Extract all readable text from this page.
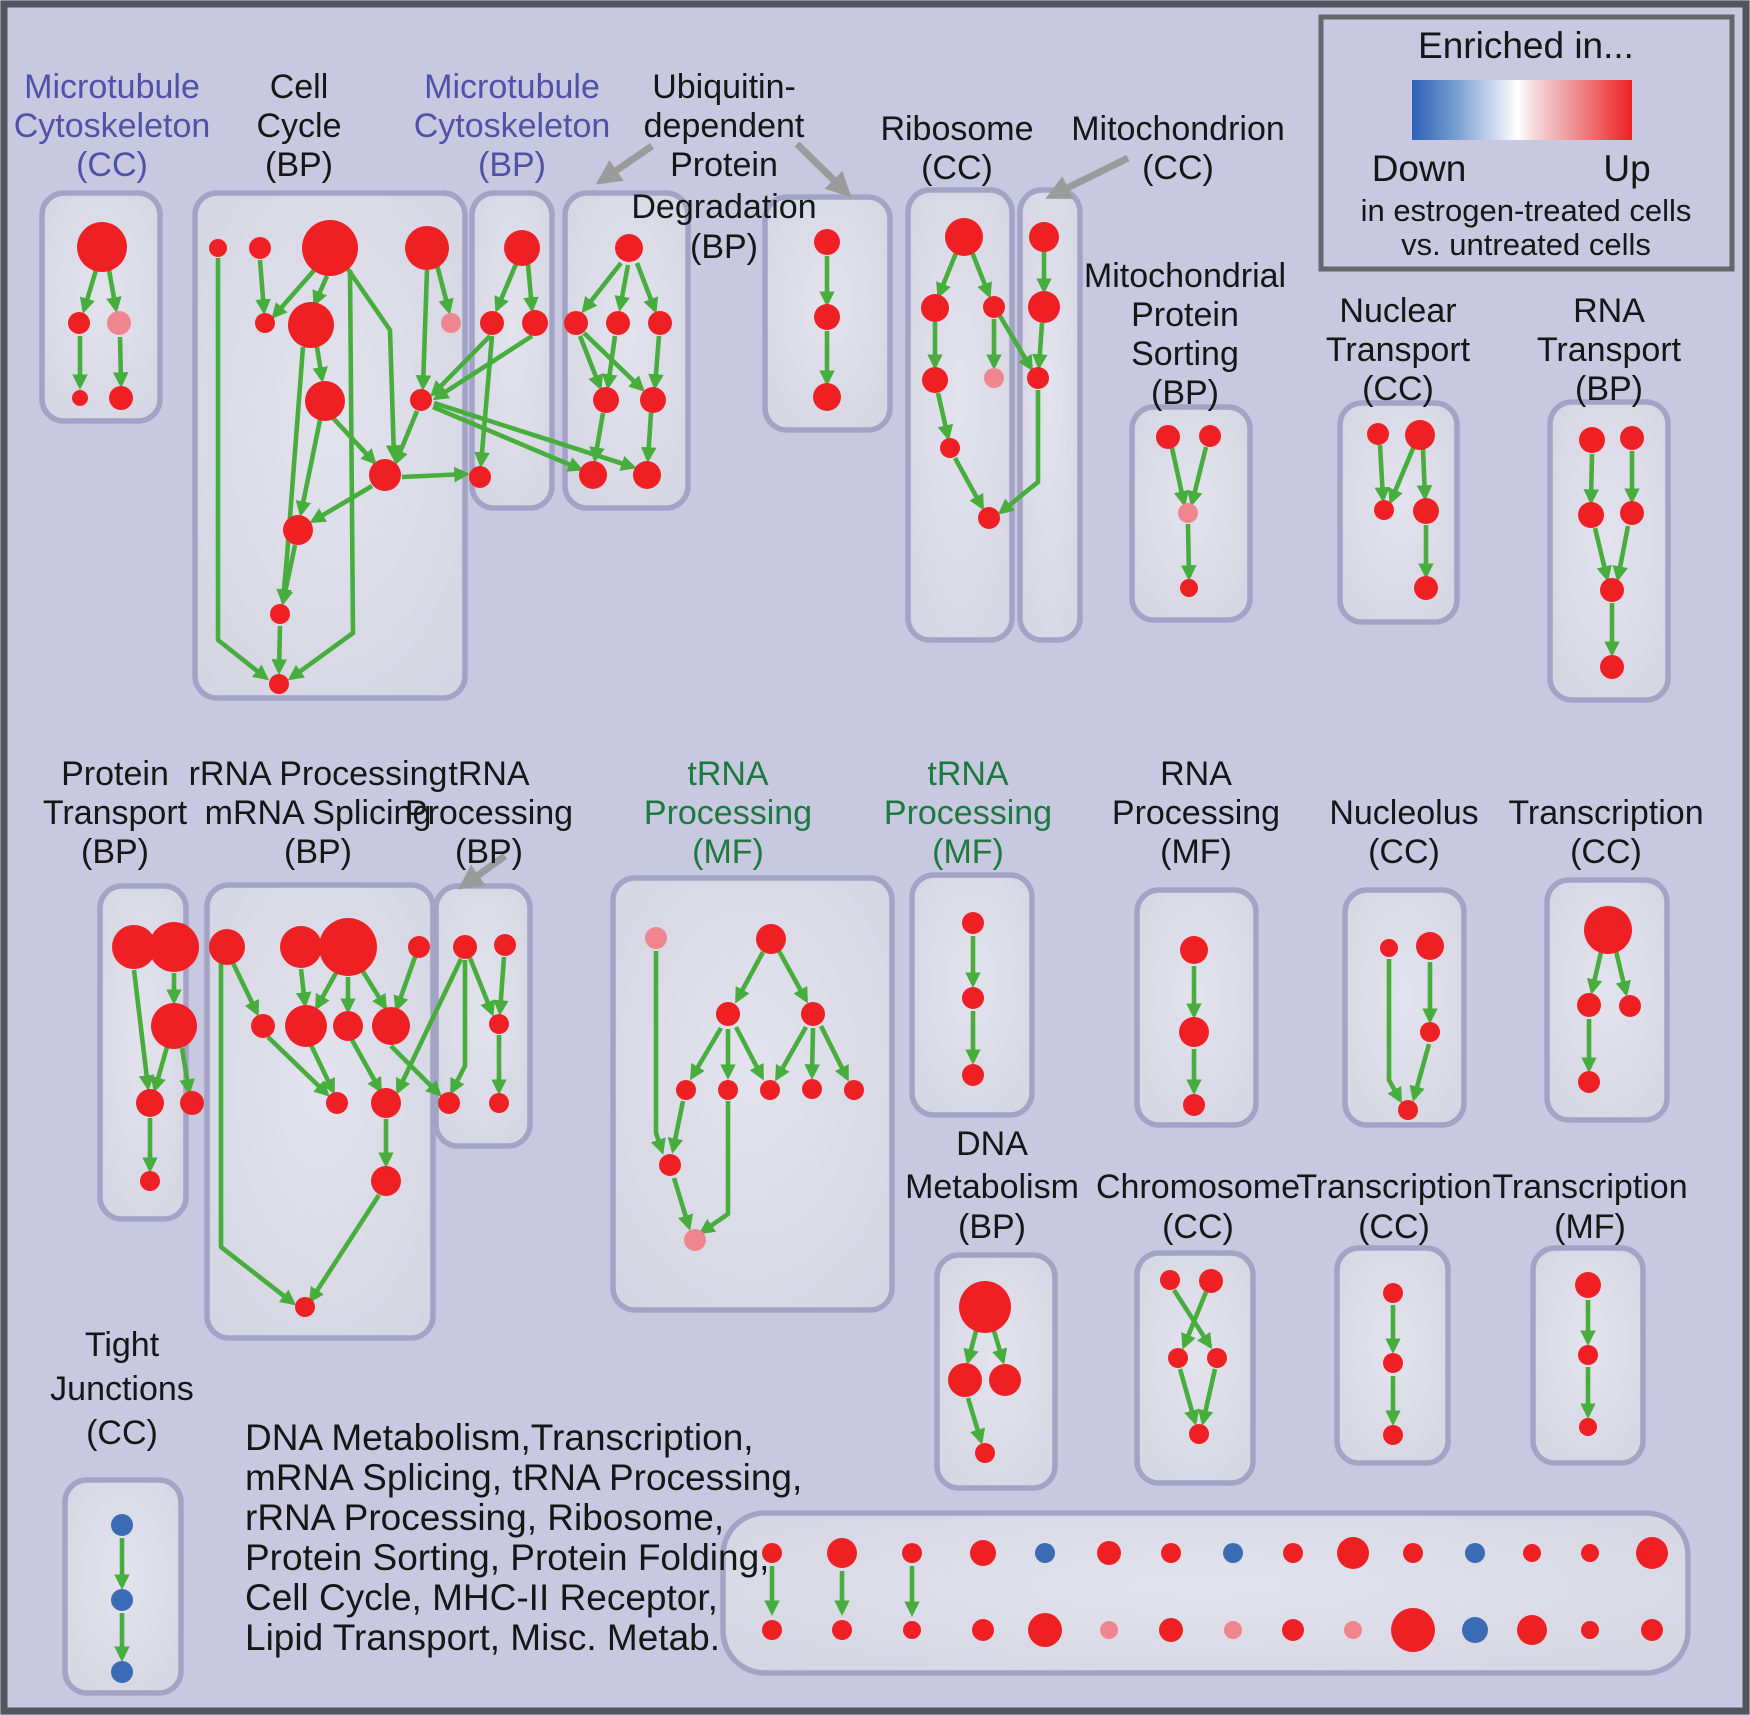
Microtubule
Cytoskeleton
(CC)
Cell
Cycle
(BP)
Microtubule
Cytoskeleton
(BP)
Ubiquitin-
dependent
Protein
Degradation
(BP)
Ribosome
(CC)
Mitochondrion
(CC)
Mitochondrial
Protein
Sorting
(BP)
Nuclear
Transport
(CC)
RNA
Transport
(BP)
Protein
Transport
(BP)
rRNA Processing
mRNA Splicing
(BP)
tRNA
Processing
(BP)
tRNA
Processing
(MF)
tRNA
Processing
(MF)
RNA
Processing
(MF)
Nucleolus
(CC)
Transcription
(CC)
DNA
Metabolism
(BP)
Chromosome
(CC)
Transcription
(CC)
Transcription
(MF)
Tight
Junctions
(CC)
Enriched in...
Down	Up
in estrogen-treated cells
vs. untreated cells
DNA Metabolism,Transcription,
mRNA Splicing, tRNA Processing,
rRNA Processing, Ribosome,
Protein Sorting, Protein Folding,
Cell Cycle, MHC-II Receptor,
Lipid Transport, Misc. Metab.
